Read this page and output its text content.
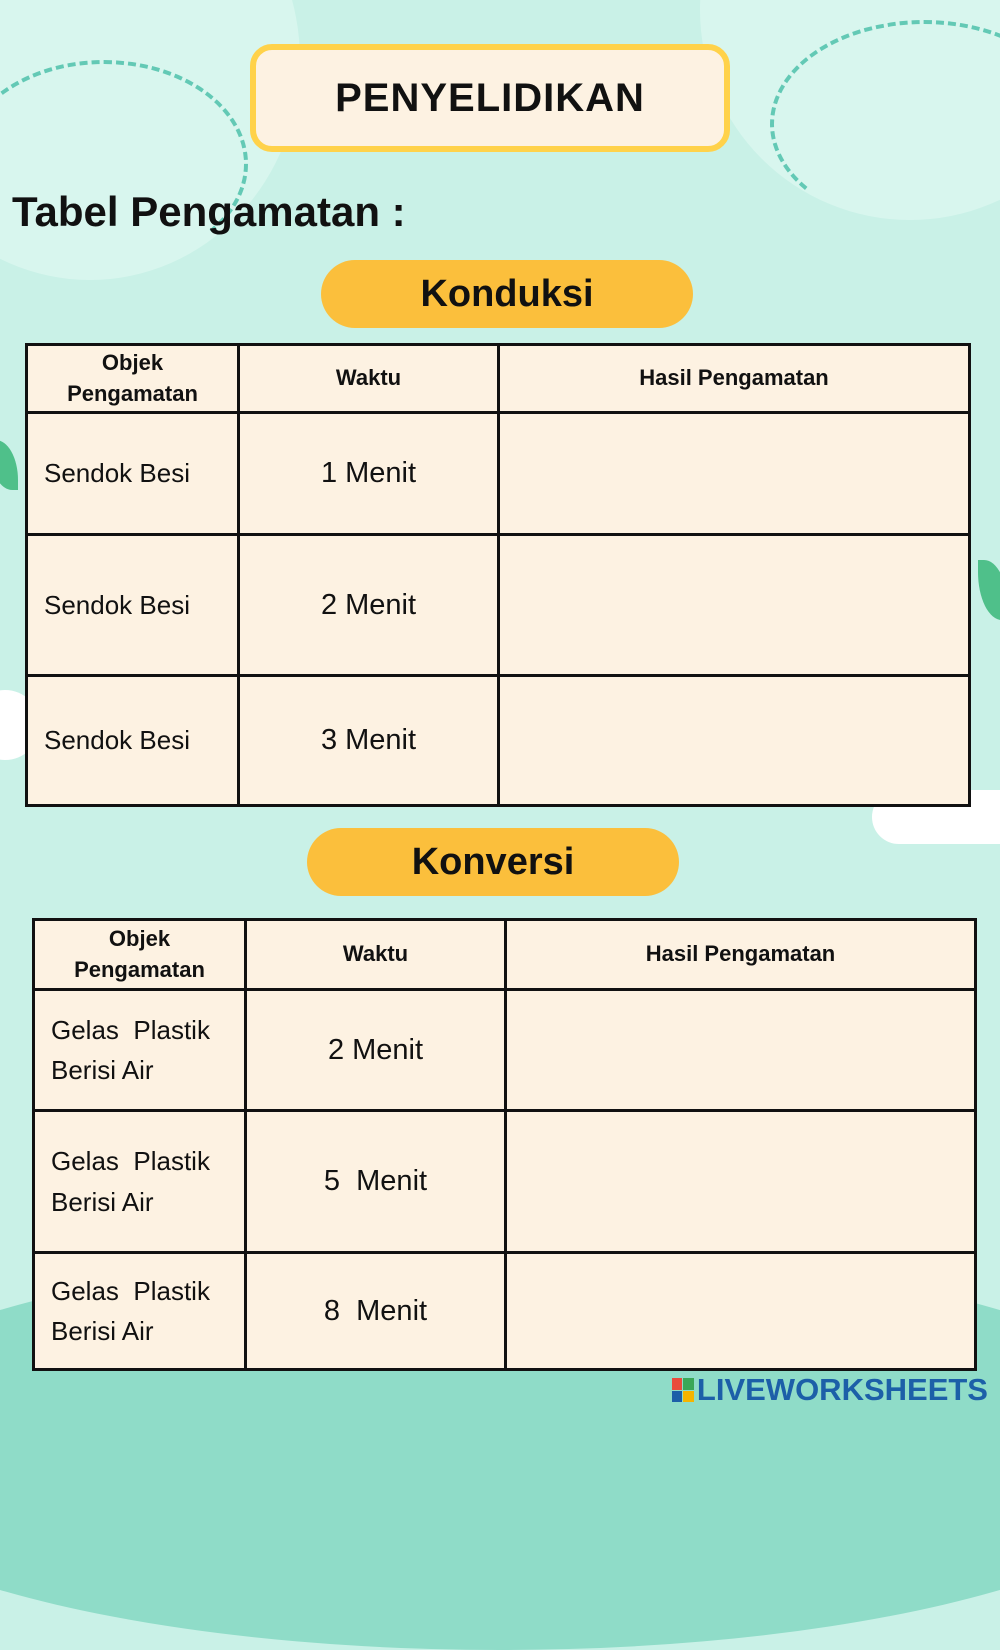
PENYELIDIKAN
Tabel Pengamatan :
Konduksi
Objek
Pengamatan	Waktu	Hasil Pengamatan

Sendok Besi	1 Menit	

Sendok Besi	2 Menit	

Sendok Besi	3 Menit	
Konversi
Objek
Pengamatan	Waktu	Hasil Pengamatan

Gelas  Plastik
Berisi Air	2 Menit	

Gelas  Plastik
Berisi Air	5  Menit	

Gelas  Plastik
Berisi Air	8  Menit	
LIVEWORKSHEETS
